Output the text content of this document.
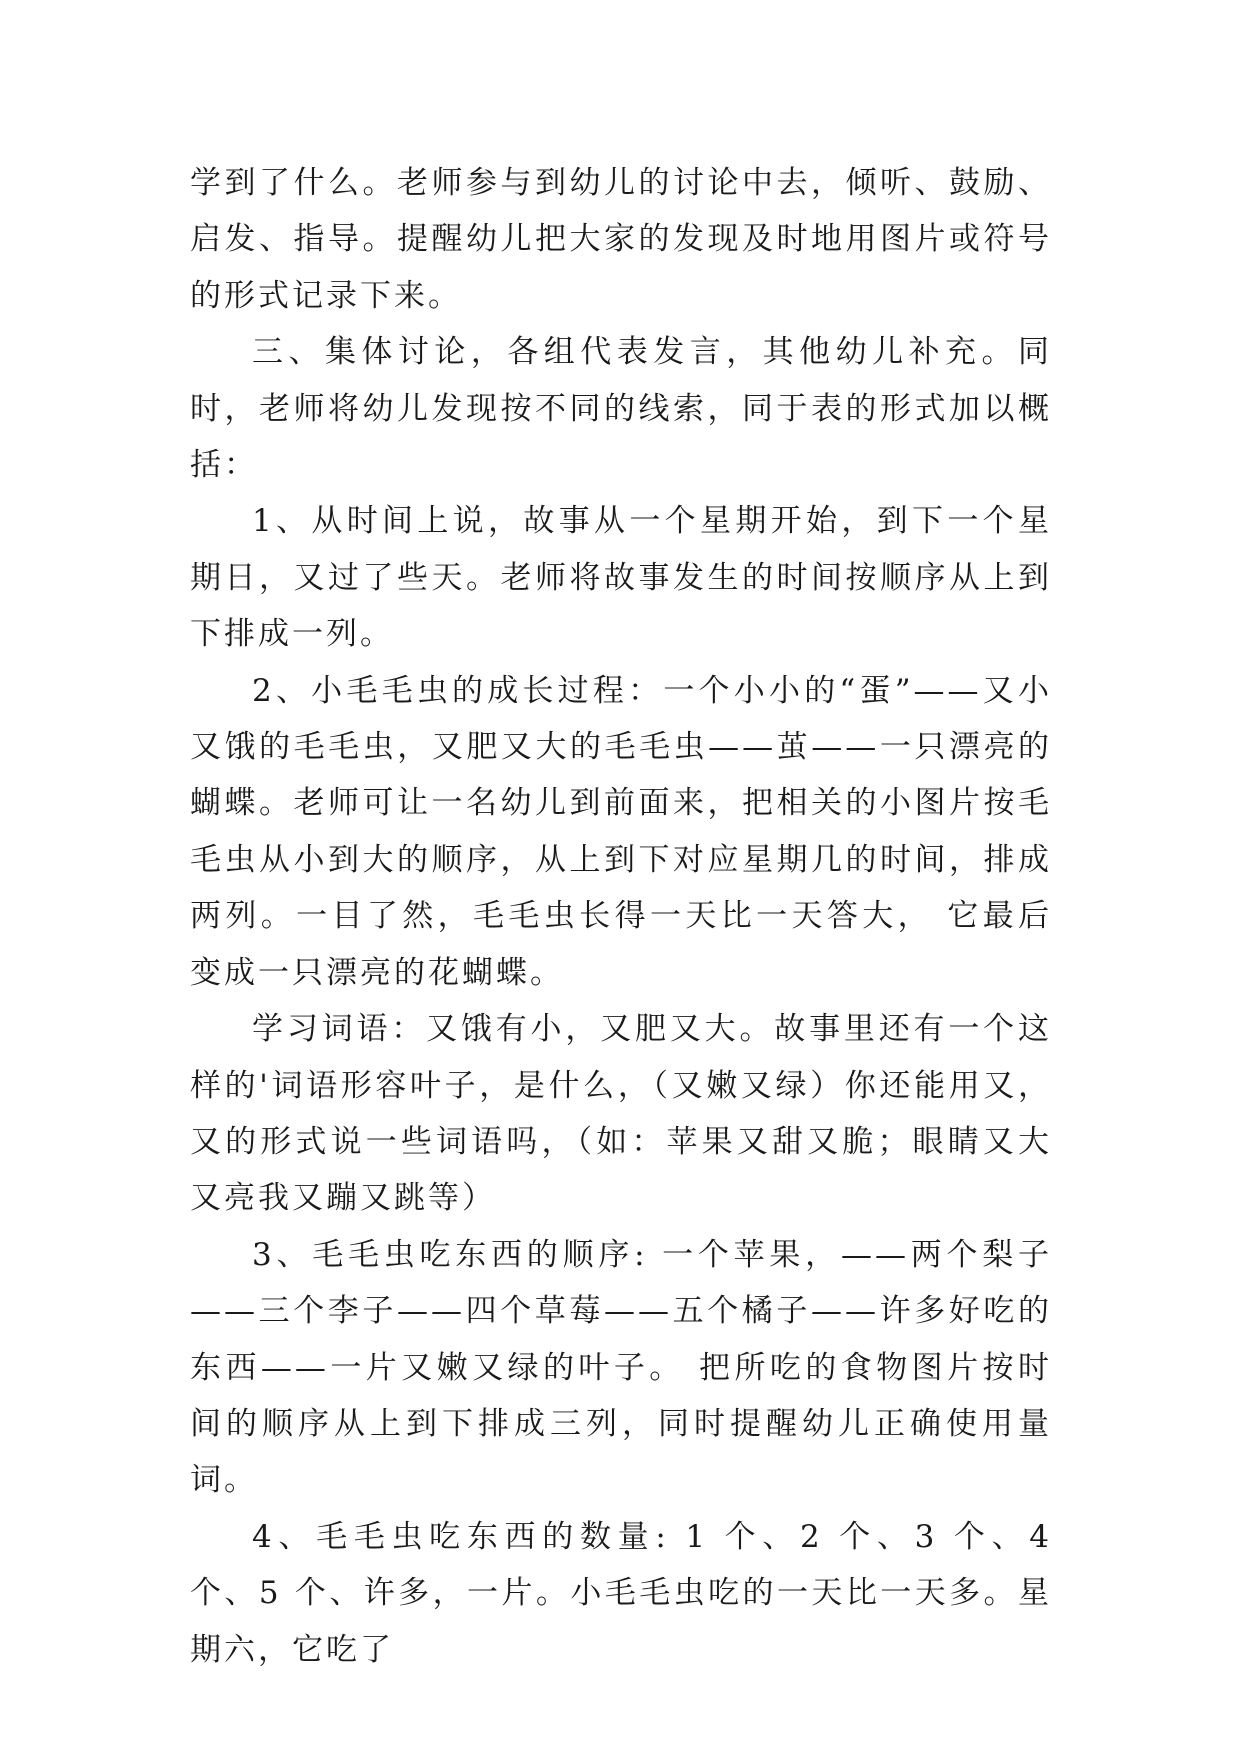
学到了什么。老师参与到幼儿的讨论中去，倾听、鼓励、启发、指导。提醒幼儿把大家的发现及时地用图片或符号的形式记录下来。

三、集体讨论，各组代表发言，其他幼儿补充。同时，老师将幼儿发现按不同的线索，同于表的形式加以概括：

1、从时间上说，故事从一个星期开始，到下一个星期日，又过了些天。老师将故事发生的时间按顺序从上到下排成一列。

2、小毛毛虫的成长过程：一个小小的“蛋”——又小又饿的毛毛虫，又肥又大的毛毛虫——茧——一只漂亮的蝴蝶。老师可让一名幼儿到前面来，把相关的小图片按毛毛虫从小到大的顺序，从上到下对应星期几的时间，排成两列。一目了然，毛毛虫长得一天比一天答大， 它最后变成一只漂亮的花蝴蝶。

学习词语：又饿有小，又肥又大。故事里还有一个这样的'词语形容叶子，是什么，（又嫩又绿）你还能用又，又的形式说一些词语吗，（如：苹果又甜又脆；眼睛又大又亮我又蹦又跳等）

3、毛毛虫吃东西的顺序: 一个苹果，——两个梨子——三个李子——四个草莓——五个橘子——许多好吃的东西——一片又嫩又绿的叶子。 把所吃的食物图片按时间的顺序从上到下排成三列，同时提醒幼儿正确使用量词。

4、毛毛虫吃东西的数量: 1 个、2 个、3 个、4 个、5 个、许多，一片。小毛毛虫吃的一天比一天多。星期六，它吃了
